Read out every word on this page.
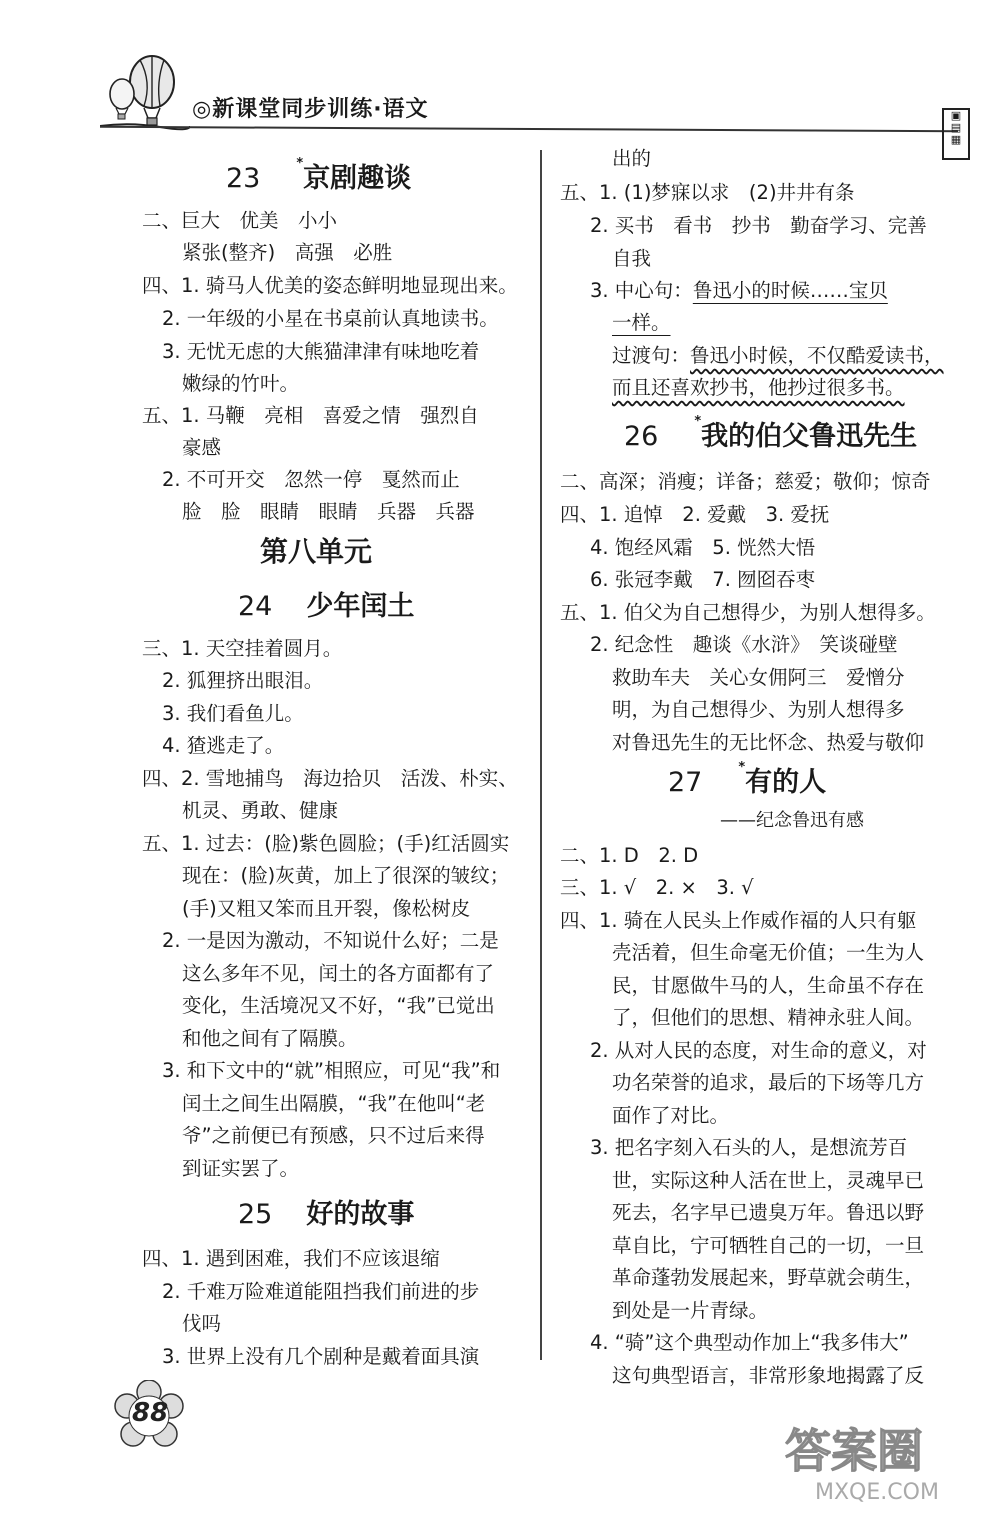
◎新课堂同步训练·语文	▣
▤
▦
23	*京剧趣谈
二、巨大　优美　小小
紧张(整齐)　高强　必胜
四、1. 骑马人优美的姿态鲜明地显现出来。
2. 一年级的小星在书桌前认真地读书。
3. 无忧无虑的大熊猫津津有味地吃着
嫩绿的竹叶。
五、1. 马鞭　亮相　喜爱之情　强烈自
豪感
2. 不可开交　忽然一停　戛然而止
脸　脸　眼睛　眼睛　兵器　兵器
第八单元
24 少年闰土
三、1. 天空挂着圆月。
2. 狐狸挤出眼泪。
3. 我们看鱼儿。
4. 猹逃走了。
四、2. 雪地捕鸟　海边拾贝　活泼、朴实、
机灵、勇敢、健康
五、1. 过去：(脸)紫色圆脸；(手)红活圆实
现在：(脸)灰黄，加上了很深的皱纹；
(手)又粗又笨而且开裂，像松树皮
2. 一是因为激动，不知说什么好；二是
这么多年不见，闰土的各方面都有了
变化，生活境况又不好，“我”已觉出
和他之间有了隔膜。
3. 和下文中的“就”相照应，可见“我”和
闰土之间生出隔膜，“我”在他叫“老
爷”之前便已有预感，只不过后来得
到证实罢了。
25 好的故事
四、1. 遇到困难，我们不应该退缩
2. 千难万险难道能阻挡我们前进的步
伐吗
3. 世界上没有几个剧种是戴着面具演
出的
五、1. (1)梦寐以求　(2)井井有条
2. 买书　看书　抄书　勤奋学习、完善
自我
3. 中心句：鲁迅小的时候……宝贝
一样。
过渡句：鲁迅小时候，不仅酷爱读书，
而且还喜欢抄书，他抄过很多书。
26	*我的伯父鲁迅先生
二、高深；消瘦；详备；慈爱；敬仰；惊奇
四、1. 追悼　2. 爱戴　3. 爱抚
4. 饱经风霜　5. 恍然大悟
6. 张冠李戴　7. 囫囵吞枣
五、1. 伯父为自己想得少，为别人想得多。
2. 纪念性　趣谈《水浒》　笑谈碰壁
救助车夫　关心女佣阿三　爱憎分
明，为自己想得少、为别人想得多
对鲁迅先生的无比怀念、热爱与敬仰
27	*有的人
——纪念鲁迅有感
二、1. D　2. D
三、1. √　2. ×　3. √
四、1. 骑在人民头上作威作福的人只有躯
壳活着，但生命毫无价值；一生为人
民，甘愿做牛马的人，生命虽不存在
了，但他们的思想、精神永驻人间。
2. 从对人民的态度，对生命的意义，对
功名荣誉的追求，最后的下场等几方
面作了对比。
3. 把名字刻入石头的人，是想流芳百
世，实际这种人活在世上，灵魂早已
死去，名字早已遗臭万年。鲁迅以野
草自比，宁可牺牲自己的一切，一旦
革命蓬勃发展起来，野草就会萌生，
到处是一片青绿。
4. “骑”这个典型动作加上“我多伟大”
这句典型语言，非常形象地揭露了反
88
答案圈
MXQE.COM
